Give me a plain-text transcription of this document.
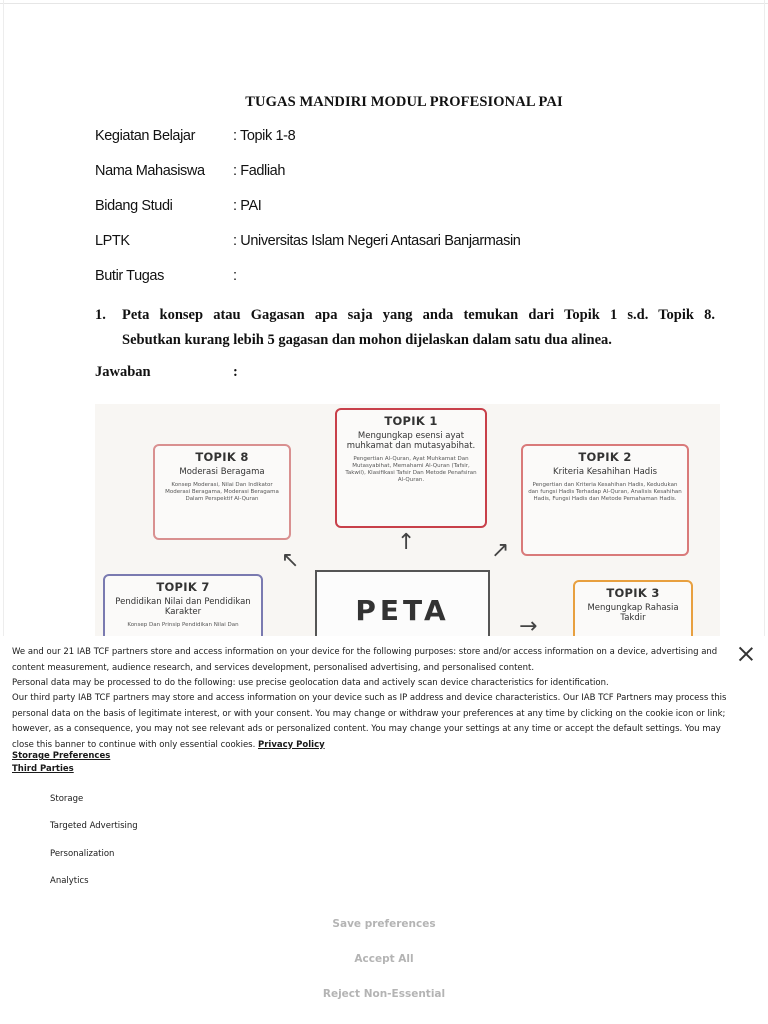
TUGAS MANDIRI MODUL PROFESIONAL PAI
Kegiatan Belajar	: Topik 1-8
Nama Mahasiswa : Fadliah
Bidang Studi	: PAI
LPTK	: Universitas Islam Negeri Antasari Banjarmasin
Butir Tugas	:
1. Peta konsep atau Gagasan apa saja yang anda temukan dari Topik 1 s.d. Topik 8.
Sebutkan kurang lebih 5 gagasan dan mohon dijelaskan dalam satu dua alinea.
Jawaban	:
TOPIK 1
Mengungkap esensi ayat muhkamat dan mutasyabihat.
Pengertian Al-Quran, Ayat Muhkamat Dan Mutasyabihat, Memahami Al-Quran (Tafsir, Takwil), Klasifikasi Tafsir Dan Metode Penafsiran Al-Quran.
TOPIK 2
Kriteria Kesahihan Hadis
Pengertian dan Kriteria Kesahihan Hadis, Kedudukan dan fungsi Hadis Terhadap Al-Quran, Analisis Kesahihan Hadis, Fungsi Hadis dan Metode Pemahaman Hadis.
TOPIK 3
Mengungkap Rahasia Takdir
TOPIK 7
Pendidikan Nilai dan Pendidikan Karakter
Konsep Dan Prinsip Pendidikan Nilai Dan
TOPIK 8
Moderasi Beragama
Konsep Moderasi, Nilai Dan Indikator Moderasi Beragama, Moderasi Beragama Dalam Perspektif Al-Quran
PETA
↑
↖	↗
→

We and our 21 IAB TCF partners store and access information on your device for the following purposes: store and/or access information on a device, advertising and content measurement, audience research, and services development, personalised advertising, and personalised content.

Personal data may be processed to do the following: use precise geolocation data and actively scan device characteristics for identification.

Our third party IAB TCF partners may store and access information on your device such as IP address and device characteristics. Our IAB TCF Partners may process this personal data on the basis of legitimate interest, or with your consent. You may change or withdraw your preferences at any time by clicking on the cookie icon or link; however, as a consequence, you may not see relevant ads or personalized content. You may change your settings at any time or accept the default settings. You may close this banner to continue with only essential cookies. Privacy Policy

Storage Preferences
Third Parties
Storage
Targeted Advertising
Personalization
Analytics
Save preferences
Accept All
Reject Non-Essential
